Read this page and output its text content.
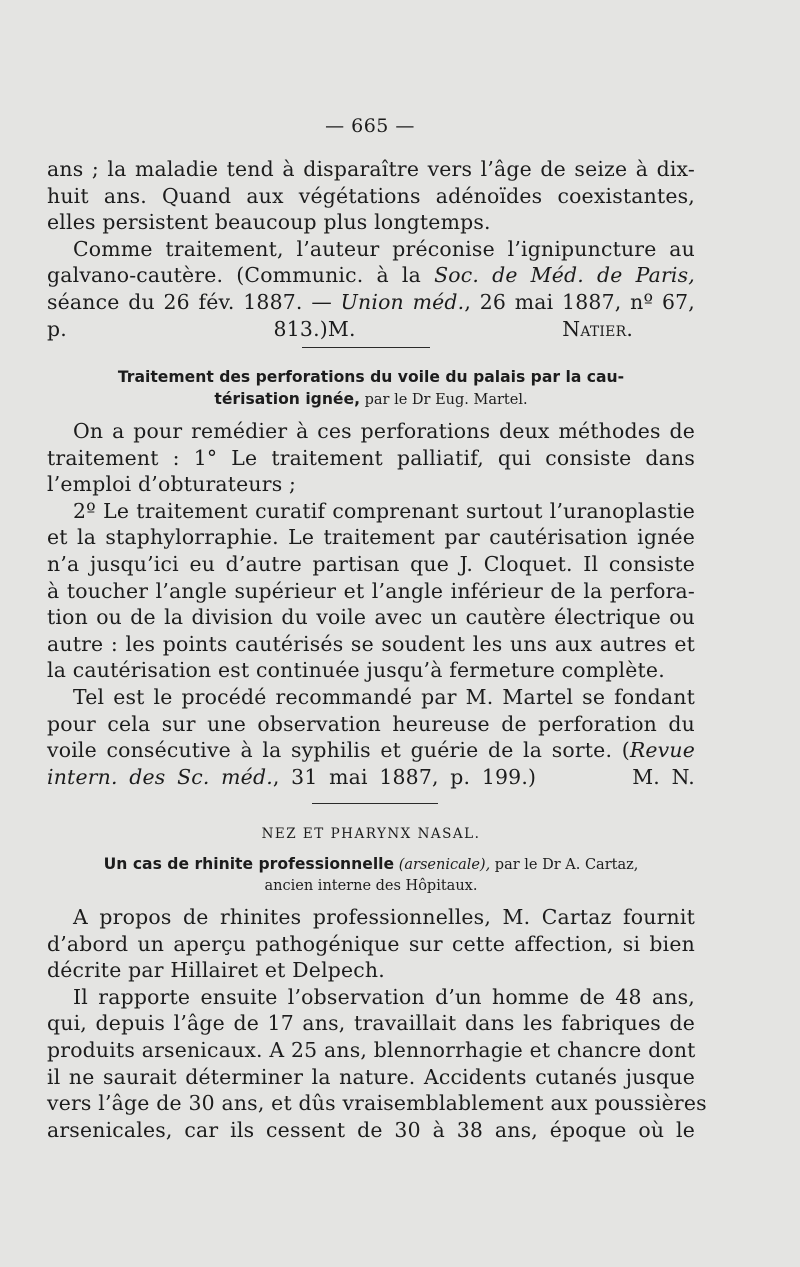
— 665 —

ans ; la maladie tend à disparaître vers l’âge de seize à dix-

huit ans. Quand aux végétations adénoïdes coexistantes,

elles persistent beaucoup plus longtemps.

Comme traitement, l’auteur préconise l’ignipuncture au

galvano-cautère. (Communic. à la Soc. de Méd. de Paris,

séance du 26 fév. 1887. — Union méd., 26 mai 1887, nº 67,

p. 813.)M. Natier.

Traitement des perforations du voile du palais par la cau-

térisation ignée, par le Dr Eug. Martel.

On a pour remédier à ces perforations deux méthodes de

traitement : 1° Le traitement palliatif, qui consiste dans

l’emploi d’obturateurs ;

2º Le traitement curatif comprenant surtout l’uranoplastie

et la staphylorraphie. Le traitement par cautérisation ignée

n’a jusqu’ici eu d’autre partisan que J. Cloquet. Il consiste

à toucher l’angle supérieur et l’angle inférieur de la perfora-

tion ou de la division du voile avec un cautère électrique ou

autre : les points cautérisés se soudent les uns aux autres et

la cautérisation est continuée jusqu’à fermeture complète.

Tel est le procédé recommandé par M. Martel se fondant

pour cela sur une observation heureuse de perforation du

voile consécutive à la syphilis et guérie de la sorte. (Revue

intern. des Sc. méd., 31 mai 1887, p. 199.)	M. N.

NEZ ET PHARYNX NASAL.

Un cas de rhinite professionnelle (arsenicale), par le Dr A. Cartaz,

ancien interne des Hôpitaux.

A propos de rhinites professionnelles, M. Cartaz fournit

d’abord un aperçu pathogénique sur cette affection, si bien

décrite par Hillairet et Delpech.

Il rapporte ensuite l’observation d’un homme de 48 ans,

qui, depuis l’âge de 17 ans, travaillait dans les fabriques de

produits arsenicaux. A 25 ans, blennorrhagie et chancre dont

il ne saurait déterminer la nature. Accidents cutanés jusque

vers l’âge de 30 ans, et dûs vraisemblablement aux poussières

arsenicales, car ils cessent de 30 à 38 ans, époque où le
